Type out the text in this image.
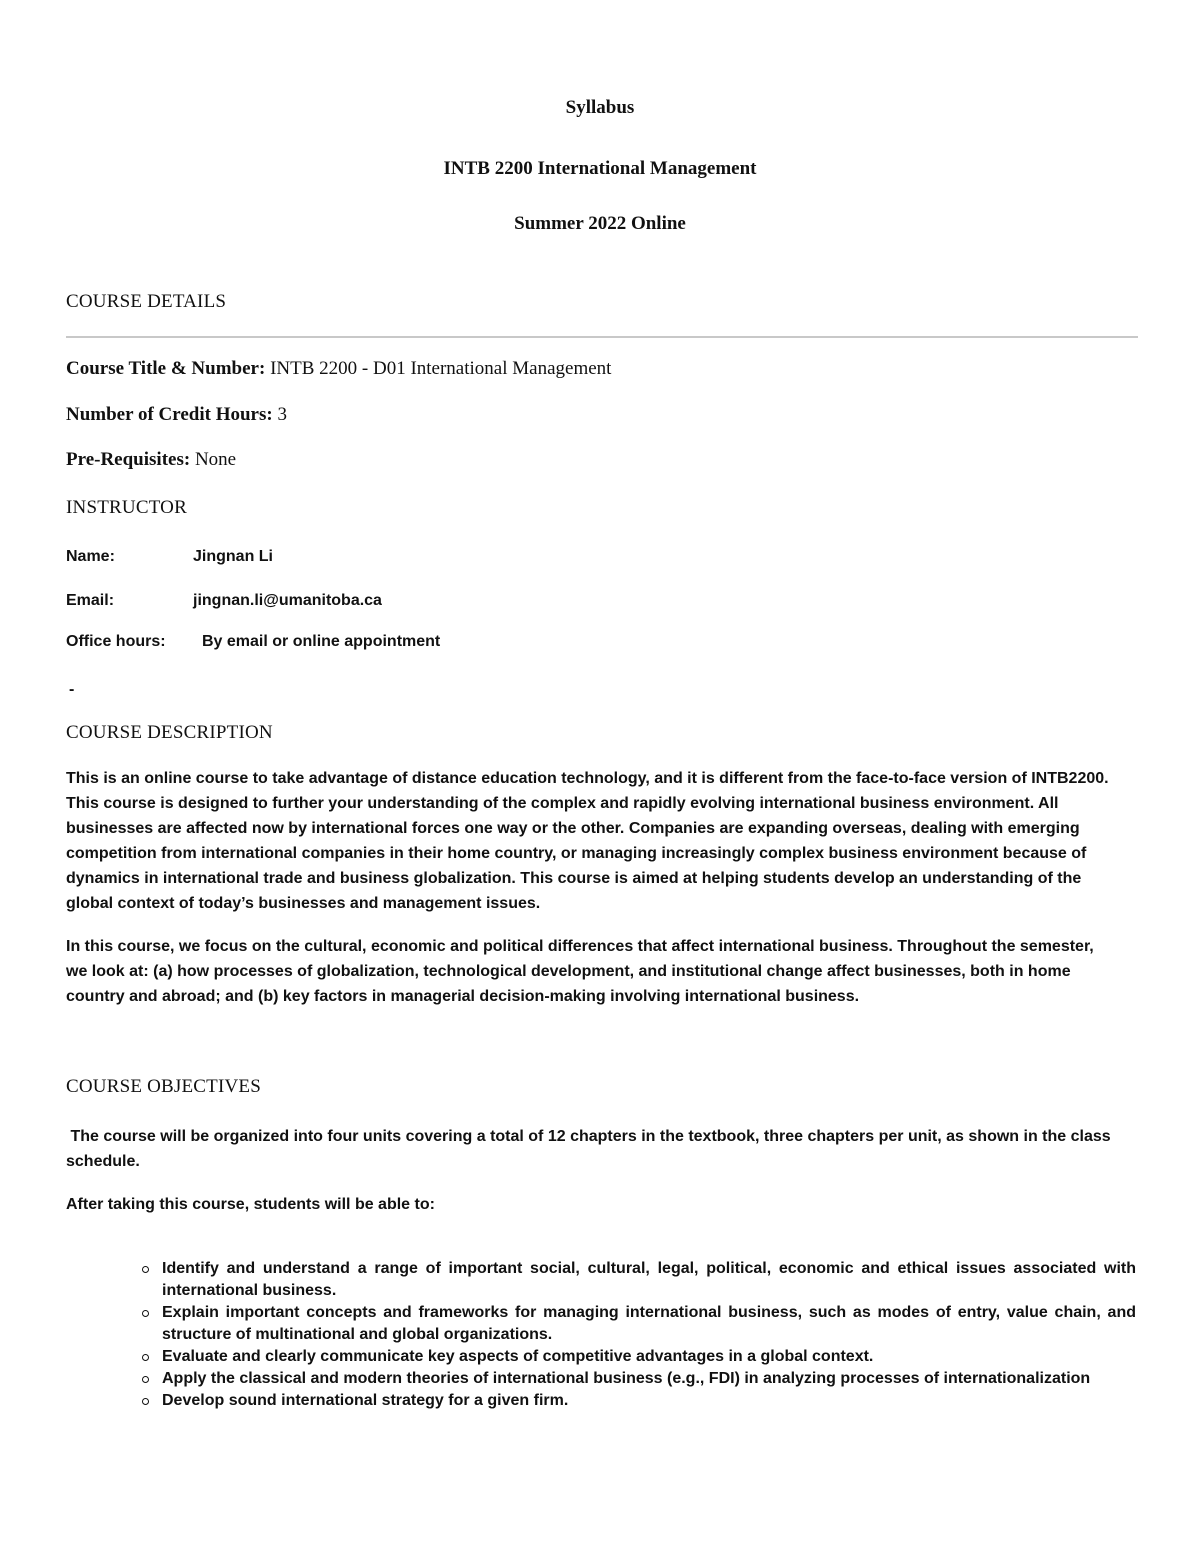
Syllabus
INTB 2200 International Management
Summer 2022 Online
COURSE DETAILS
Course Title & Number: INTB 2200 - D01 International Management
Number of Credit Hours: 3
Pre-Requisites: None
INSTRUCTOR
Name:	Jingnan Li
Email:	jingnan.li@umanitoba.ca
Office hours: By email or online appointment
-
COURSE DESCRIPTION

This is an online course to take advantage of distance education technology, and it is different from the face-to-face version of INTB2200. This course is designed to further your understanding of the complex and rapidly evolving international business environment. All businesses are affected now by international forces one way or the other. Companies are expanding overseas, dealing with emerging competition from international companies in their home country, or managing increasingly complex business environment because of dynamics in international trade and business globalization. This course is aimed at helping students develop an understanding of the global context of today’s businesses and management issues.

In this course, we focus on the cultural, economic and political differences that affect international business. Throughout the semester, we look at: (a) how processes of globalization, technological development, and institutional change affect businesses, both in home country and abroad; and (b) key factors in managerial decision-making involving international business.

COURSE OBJECTIVES

The course will be organized into four units covering a total of 12 chapters in the textbook, three chapters per unit, as shown in the class schedule.

After taking this course, students will be able to:

Identify and understand a range of important social, cultural, legal, political, economic and ethical issues associated with international business.
Explain important concepts and frameworks for managing international business, such as modes of entry, value chain, and structure of multinational and global organizations.
Evaluate and clearly communicate key aspects of competitive advantages in a global context.
Apply the classical and modern theories of international business (e.g., FDI) in analyzing processes of internationalization
Develop sound international strategy for a given firm.
